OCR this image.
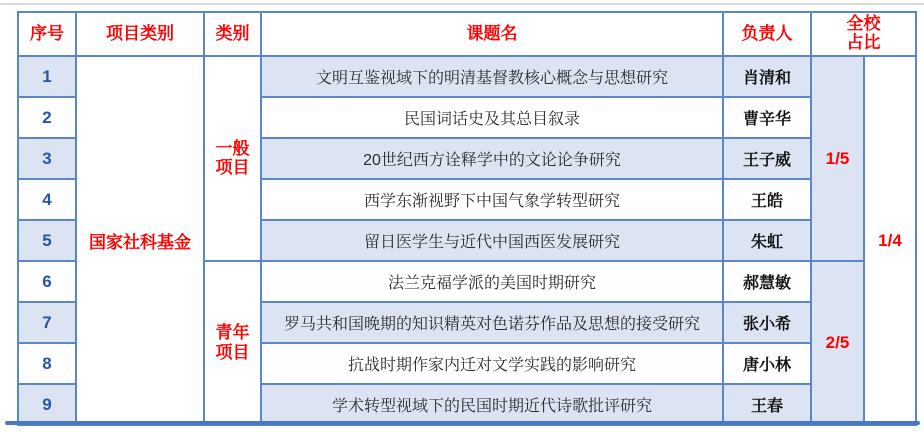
序号	项目类别	类别	课题名	负责人	全校
占比	

1	国家社科基金	一般项目	文明互鉴视域下的明清基督教核心概念与思想研究	肖清和	1/5	1/4
2			民国词话史及其总目叙录	曹辛华		
3			20世纪西方诠释学中的文论论争研究	王子威		
4			西学东渐视野下中国气象学转型研究	王皓		
5			留日医学生与近代中国西医发展研究	朱虹		
6		青年项目	法兰克福学派的美国时期研究	郝慧敏	2/5	
7			罗马共和国晚期的知识精英对色诺芬作品及思想的接受研究	张小希		
8			抗战时期作家内迁对文学实践的影响研究	唐小林		
9			学术转型视域下的民国时期近代诗歌批评研究	王春		
